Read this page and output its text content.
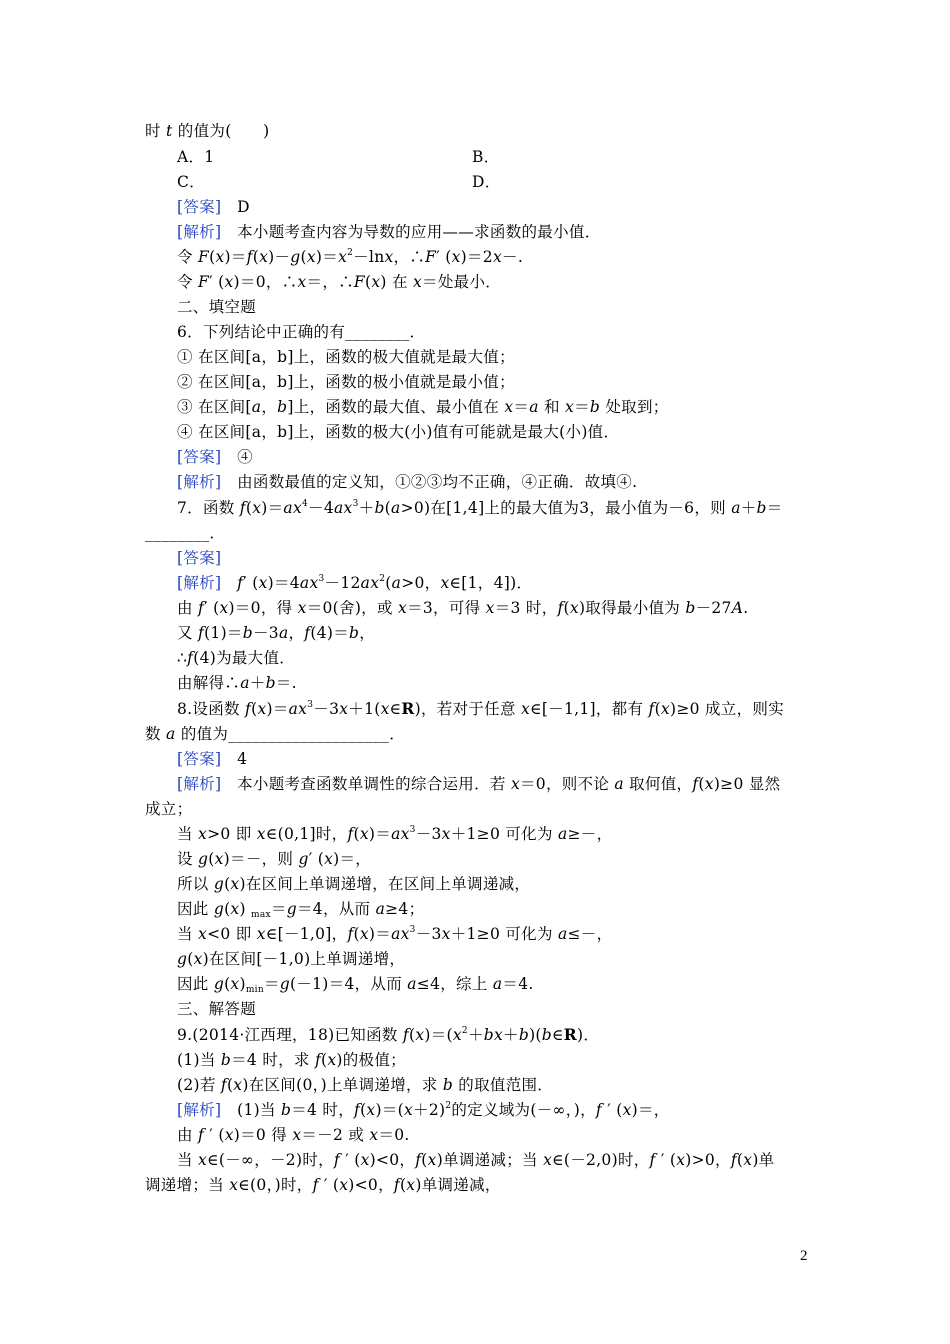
时 t 的值为(　　)
A．1	B．
C．	D．
[答案]　 D
[解析]　 本小题考查内容为导数的应用——求函数的最小值．
令 $F(x)=f(x)-g(x)=x^2-\ln x$，∴F′ (x)＝2x－.
令 F′ (x)＝0，∴x＝，∴F(x) 在 x＝处最小．
二、填空题
6．下列结论中正确的有________．
① 在区间[a，b]上，函数的极大值就是最大值；
② 在区间[a，b]上，函数的极小值就是最小值；
③ 在区间[a，b]上，函数的最大值、最小值在 x＝a 和 x＝b 处取到；
④ 在区间[a，b]上，函数的极大(小)值有可能就是最大(小)值．
[答案]　 ④
[解析]　 由函数最值的定义知，①②③均不正确，④正确．故填④.
7．函数 $f(x)=ax^4-4ax^3+b(a>0)$在[1,4]上的最大值为3，最小值为－6，则 a＋b＝
________．
[答案]
[解析]　 f′ $(x)=4ax^3-12ax^2(a>0$，x∈[1，4])．
由 f′ (x)＝0，得 x＝0(舍)，或 x＝3，可得 x＝3 时，f(x)取得最小值为 b－27A.
又 f(1)＝b－3a，f(4)＝b，
∴f(4)为最大值．
由解得∴a＋b＝.
8.设函数 $f(x)=ax^3-3x+1(x\in R)$，若对于任意 x∈[－1,1]，都有 f(x)≥0 成立，则实
数 a 的值为____________________．
[答案]　 4
[解析]　本小题考查函数单调性的综合运用．若 x＝0，则不论 a 取何值，f(x)≥0 显然
成立；
当 x>0 即 x∈(0,1]时，$f(x)=ax^3-3x+1\ge 0$ 可化为 a≥－，
设 g(x)＝－，则 g′ (x)＝，
所以 g(x)在区间上单调递增，在区间上单调递减，
因此 g(x) $_{max}$＝g＝4，从而 a≥4；
当 x<0 即 x∈[－1,0]，$f(x)=ax^3-3x+1\ge 0$ 可化为 a≤－，
g(x)在区间[－1,0)上单调递增，
因此 $g(x)_{min}=g(-1)=4$，从而 a≤4，综上 a＝4.
三、解答题
9.(2014·江西理，18)已知函数 $f(x)=(x^2+bx+b)(b\in R)$．
(1)当 b＝4 时，求 f(x)的极值；
(2)若 f(x)在区间(0，)上单调递增，求 b 的取值范围．
[解析]　(1)当 b＝4 时，$f(x)=(x+2)^2$的定义域为(－∞，)，f ′ (x)＝，
由 f ′ (x)＝0 得 x＝－2 或 x＝0.
当 x∈(－∞，－2)时，f ′ (x)<0，f(x)单调递减；当 x∈(－2,0)时，f ′ (x)>0，f(x)单
调递增；当 x∈(0，)时，f ′ (x)<0，f(x)单调递减，
2
